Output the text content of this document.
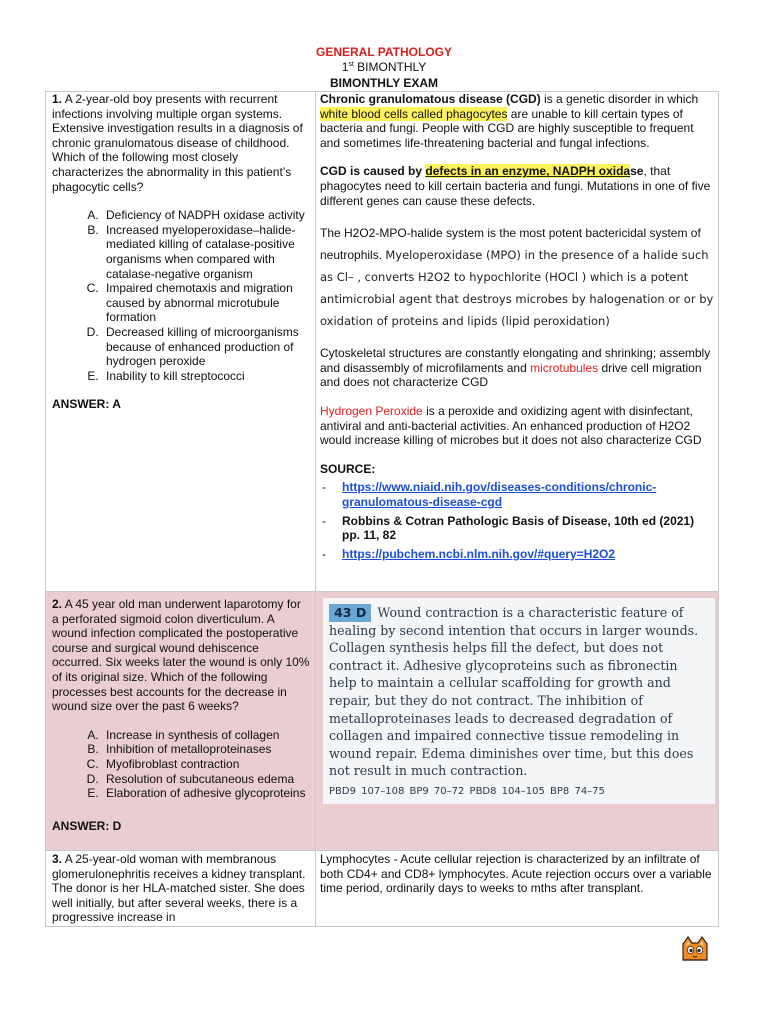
GENERAL PATHOLOGY
1st BIMONTHLY
BIMONTHLY EXAM

1. A 2-year-old boy presents with recurrent infections involving multiple organ systems. Extensive investigation results in a diagnosis of chronic granulomatous disease of childhood. Which of the following most closely characterizes the abnormality in this patient’s phagocytic cells?

A. Deficiency of NADPH oxidase activity
B. Increased myeloperoxidase–halide-mediated killing of catalase-positive organisms when compared with catalase-negative organism
C. Impaired chemotaxis and migration caused by abnormal microtubule formation
D. Decreased killing of microorganisms because of enhanced production of hydrogen peroxide
E. Inability to kill streptococci

ANSWER: A

Chronic granulomatous disease (CGD) is a genetic disorder in which white blood cells called phagocytes are unable to kill certain types of bacteria and fungi. People with CGD are highly susceptible to frequent and sometimes life-threatening bacterial and fungal infections.

CGD is caused by defects in an enzyme, NADPH oxidase, that phagocytes need to kill certain bacteria and fungi. Mutations in one of five different genes can cause these defects.

The H2O2-MPO-halide system is the most potent bactericidal system of neutrophils. Myeloperoxidase (MPO) in the presence of a halide such as Cl– , converts H2O2 to hypochlorite (HOCl ) which is a potent antimicrobial agent that destroys microbes by halogenation or or by oxidation of proteins and lipids (lipid peroxidation)

Cytoskeletal structures are constantly elongating and shrinking; assembly and disassembly of microfilaments and microtubules drive cell migration and does not characterize CGD

Hydrogen Peroxide is a peroxide and oxidizing agent with disinfectant, antiviral and anti-bacterial activities. An enhanced production of H2O2 would increase killing of microbes but it does not also characterize CGD

SOURCE:

- https://www.niaid.nih.gov/diseases-conditions/chronic-granulomatous-disease-cgd
- Robbins & Cotran Pathologic Basis of Disease, 10th ed (2021) pp. 11, 82
- https://pubchem.ncbi.nlm.nih.gov/#query=H2O2

2. A 45 year old man underwent laparotomy for a perforated sigmoid colon diverticulum. A wound infection complicated the postoperative course and surgical wound dehiscence occurred. Six weeks later the wound is only 10% of its original size. Which of the following processes best accounts for the decrease in wound size over the past 6 weeks?

A. Increase in synthesis of collagen
B. Inhibition of metalloproteinases
C. Myofibroblast contraction
D. Resolution of subcutaneous edema
E. Elaboration of adhesive glycoproteins

ANSWER: D

43 D Wound contraction is a characteristic feature of healing by second intention that occurs in larger wounds. Collagen synthesis helps fill the defect, but does not contract it. Adhesive glycoproteins such as fibronectin help to maintain a cellular scaffolding for growth and repair, but they do not contract. The inhibition of metalloproteinases leads to decreased degradation of collagen and impaired connective tissue remodeling in wound repair. Edema diminishes over time, but this does not result in much contraction.
PBD9 107–108 BP9 70–72 PBD8 104–105 BP8 74–75

3. A 25-year-old woman with membranous glomerulonephritis receives a kidney transplant. The donor is her HLA-matched sister. She does well initially, but after several weeks, there is a progressive increase in

Lymphocytes - Acute cellular rejection is characterized by an infiltrate of both CD4+ and CD8+ lymphocytes. Acute rejection occurs over a variable time period, ordinarily days to weeks to mths after transplant.
